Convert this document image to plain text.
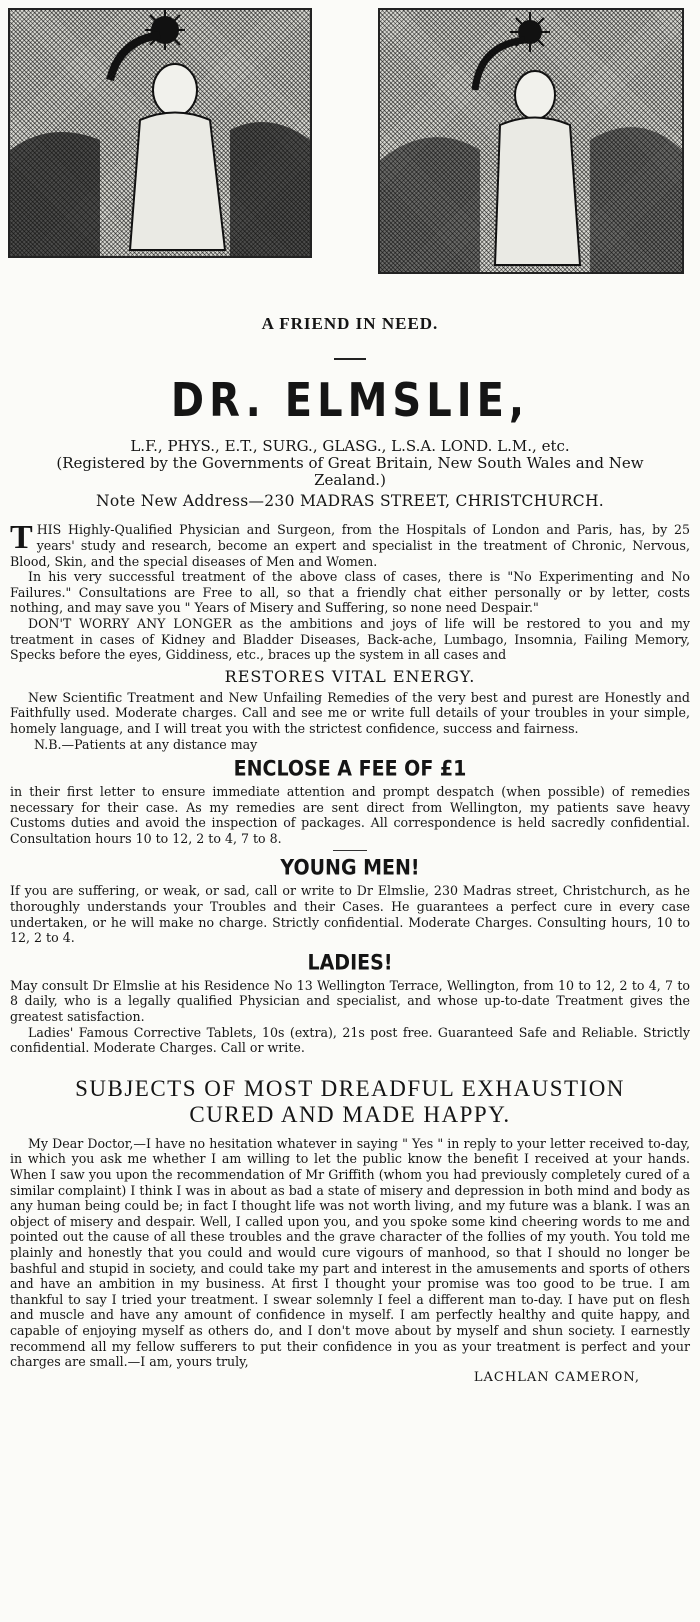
A FRIEND IN NEED.
DR. ELMSLIE,
L.F., PHYS., E.T., SURG., GLASG., L.S.A. LOND. L.M., etc.
(Registered by the Governments of Great Britain, New South Wales and New Zealand.)
Note New Address—230 MADRAS STREET, CHRISTCHURCH.

THIS Highly-Qualified Physician and Surgeon, from the Hospitals of London and Paris, has, by 25 years' study and research, become an expert and specialist in the treatment of Chronic, Nervous, Blood, Skin, and the special diseases of Men and Women.

In his very successful treatment of the above class of cases, there is "No Experimenting and No Failures." Consultations are Free to all, so that a friendly chat either personally or by letter, costs nothing, and may save you " Years of Misery and Suffering, so none need Despair."

DON'T WORRY ANY LONGER as the ambitions and joys of life will be restored to you and my treatment in cases of Kidney and Bladder Diseases, Back-ache, Lumbago, Insomnia, Failing Memory, Specks before the eyes, Giddiness, etc., braces up the system in all cases and

RESTORES VITAL ENERGY.

New Scientific Treatment and New Unfailing Remedies of the very best and purest are Honestly and Faithfully used. Moderate charges. Call and see me or write full details of your troubles in your simple, homely language, and I will treat you with the strictest confidence, success and fairness.

N.B.—Patients at any distance may

ENCLOSE A FEE OF £1

in their first letter to ensure immediate attention and prompt despatch (when possible) of remedies necessary for their case. As my remedies are sent direct from Wellington, my patients save heavy Customs duties and avoid the inspection of packages. All correspondence is held sacredly confidential. Consultation hours 10 to 12, 2 to 4, 7 to 8.

YOUNG MEN!

If you are suffering, or weak, or sad, call or write to Dr Elmslie, 230 Madras street, Christchurch, as he thoroughly understands your Troubles and their Cases. He guarantees a perfect cure in every case undertaken, or he will make no charge. Strictly confidential. Moderate Charges. Consulting hours, 10 to 12, 2 to 4.

LADIES!

May consult Dr Elmslie at his Residence No 13 Wellington Terrace, Wellington, from 10 to 12, 2 to 4, 7 to 8 daily, who is a legally qualified Physician and specialist, and whose up-to-date Treatment gives the greatest satisfaction.

Ladies' Famous Corrective Tablets, 10s (extra), 21s post free. Guaranteed Safe and Reliable. Strictly confidential. Moderate Charges. Call or write.

SUBJECTS OF MOST DREADFUL EXHAUSTION
CURED AND MADE HAPPY.

My Dear Doctor,—I have no hesitation whatever in saying " Yes " in reply to your letter received to-day, in which you ask me whether I am willing to let the public know the benefit I received at your hands. When I saw you upon the recommendation of Mr Griffith (whom you had previously completely cured of a similar complaint) I think I was in about as bad a state of misery and depression in both mind and body as any human being could be; in fact I thought life was not worth living, and my future was a blank. I was an object of misery and despair. Well, I called upon you, and you spoke some kind cheering words to me and pointed out the cause of all these troubles and the grave character of the follies of my youth. You told me plainly and honestly that you could and would cure vigours of manhood, so that I should no longer be bashful and stupid in society, and could take my part and interest in the amusements and sports of others and have an ambition in my business. At first I thought your promise was too good to be true. I am thankful to say I tried your treatment. I swear solemnly I feel a different man to-day. I have put on flesh and muscle and have any amount of confidence in myself. I am perfectly healthy and quite happy, and capable of enjoying myself as others do, and I don't move about by myself and shun society. I earnestly recommend all my fellow sufferers to put their confidence in you as your treatment is perfect and your charges are small.—I am, yours truly,

LACHLAN CAMERON,
